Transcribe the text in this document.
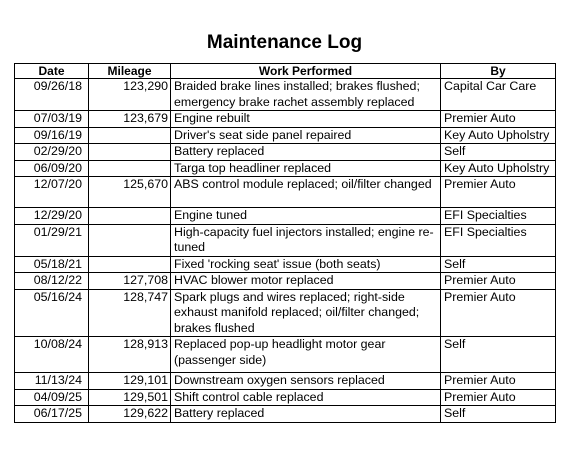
Maintenance Log
Date	Mileage	Work Performed	By
09/26/18	123,290	Braided brake lines installed; brakes flushed; emergency brake rachet assembly replaced	Capital Car Care
07/03/19	123,679	Engine rebuilt	Premier Auto
09/16/19		Driver's seat side panel repaired	Key Auto Upholstry
02/29/20		Battery replaced	Self
06/09/20		Targa top headliner replaced	Key Auto Upholstry
12/07/20	125,670	ABS control module replaced; oil/filter changed	Premier Auto
12/29/20		Engine tuned	EFI Specialties
01/29/21		High-capacity fuel injectors installed; engine re-tuned	EFI Specialties
05/18/21		Fixed 'rocking seat' issue (both seats)	Self
08/12/22	127,708	HVAC blower motor replaced	Premier Auto
05/16/24	128,747	Spark plugs and wires replaced; right-side exhaust manifold replaced; oil/filter changed; brakes flushed	Premier Auto
10/08/24	128,913	Replaced pop-up headlight motor gear (passenger side)	Self
11/13/24	129,101	Downstream oxygen sensors replaced	Premier Auto
04/09/25	129,501	Shift control cable replaced	Premier Auto
06/17/25	129,622	Battery replaced	Self
